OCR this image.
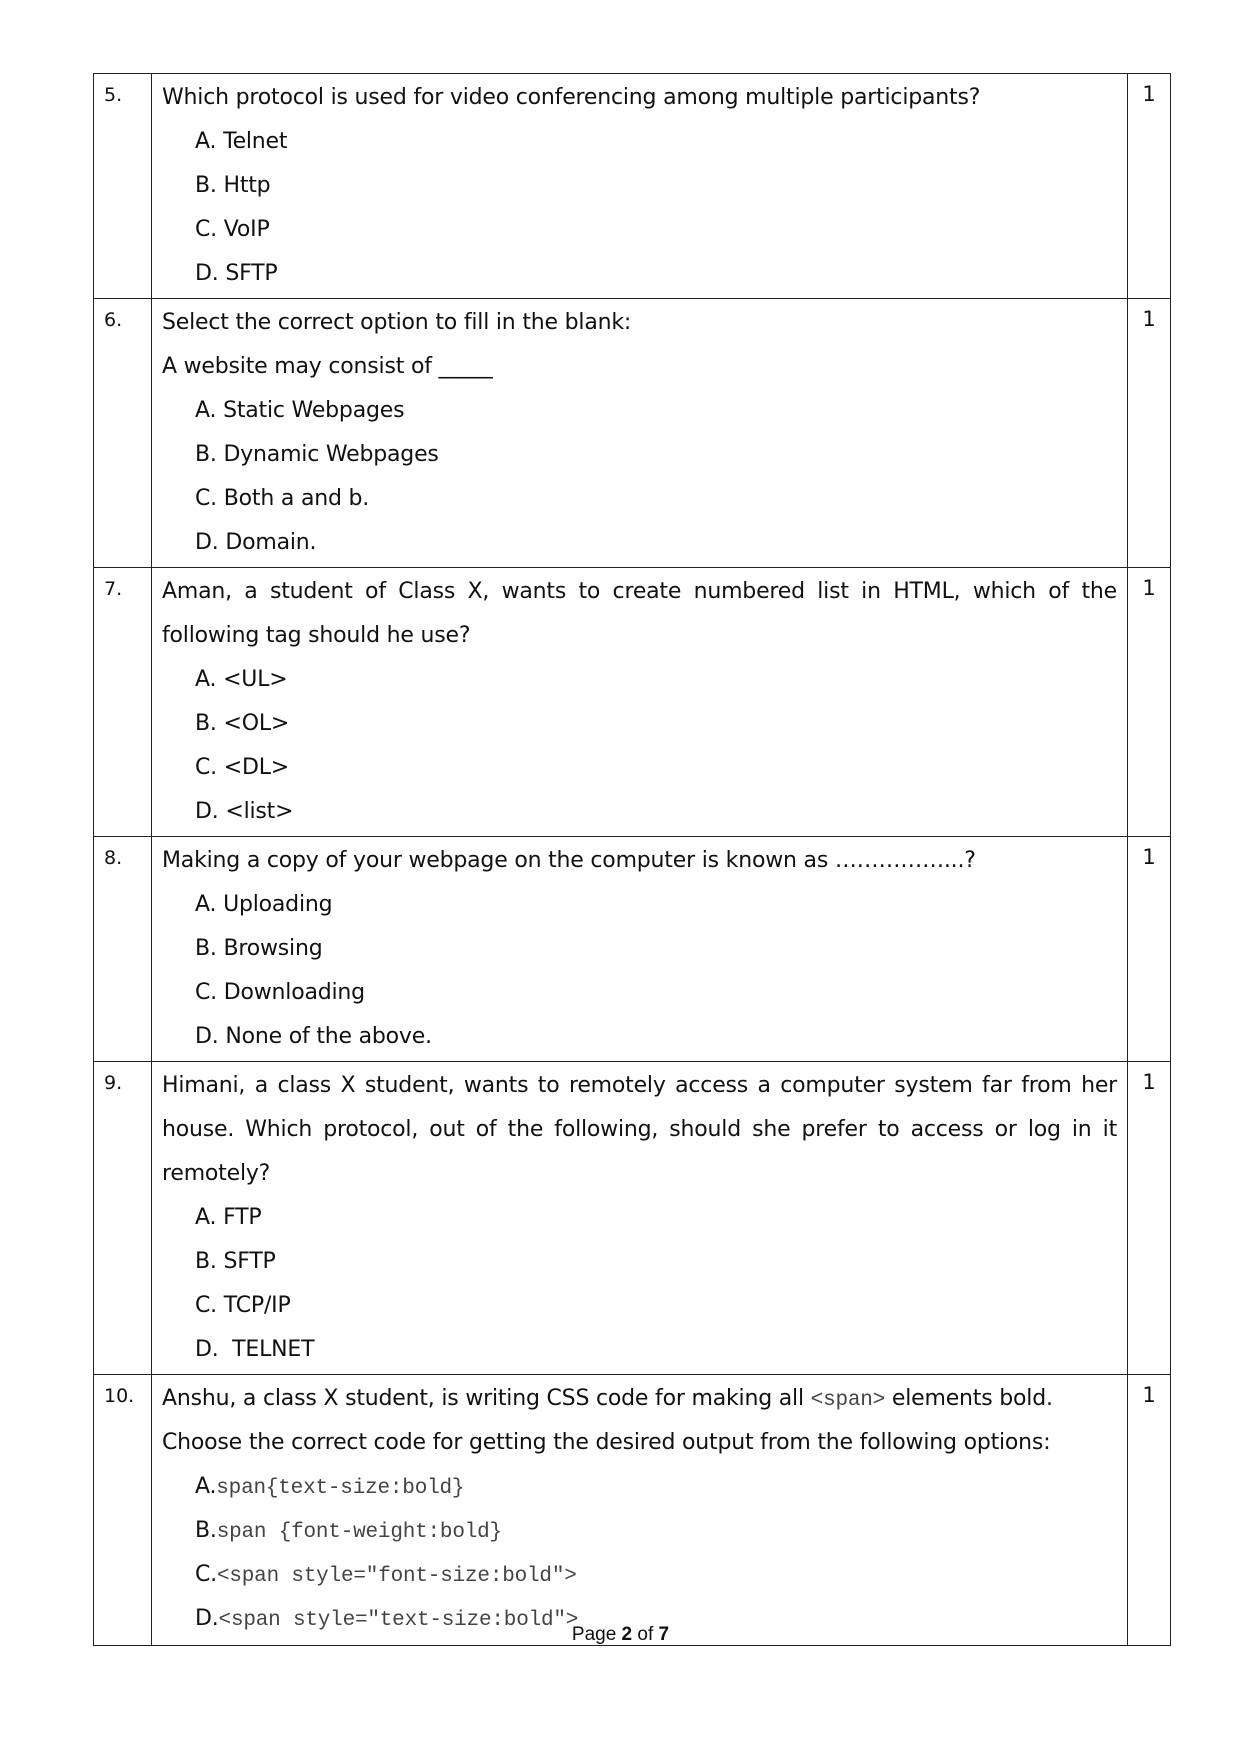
5.	Which protocol is used for video conferencing among multiple participants?
A. Telnet
B. Http
C. VoIP
D. SFTP	1
6.	Select the correct option to fill in the blank:
A website may consist of _____
A. Static Webpages
B. Dynamic Webpages
C. Both a and b.
D. Domain.
	1
7.	Aman, a student of Class X, wants to create numbered list in HTML, which of the following tag should he use?
A. <UL>
B. <OL>
C. <DL>
D. <list>	1
8.	Making a copy of your webpage on the computer is known as ……………...?
A. Uploading
B. Browsing
C. Downloading
D. None of the above.	1
9.	Himani, a class X student, wants to remotely access a computer system far from her house. Which protocol, out of the following, should she prefer to access or log in it remotely?
A. FTP
B. SFTP
C. TCP/IP
D.  TELNET	1
10.	Anshu, a class X student, is writing CSS code for making all <span> elements bold.
Choose the correct code for getting the desired output from the following options:
A.span{text-size:bold}
B.span {font-weight:bold}
C.<span style="font-size:bold">
D.<span style="text-size:bold">
	1
Page 2 of 7
